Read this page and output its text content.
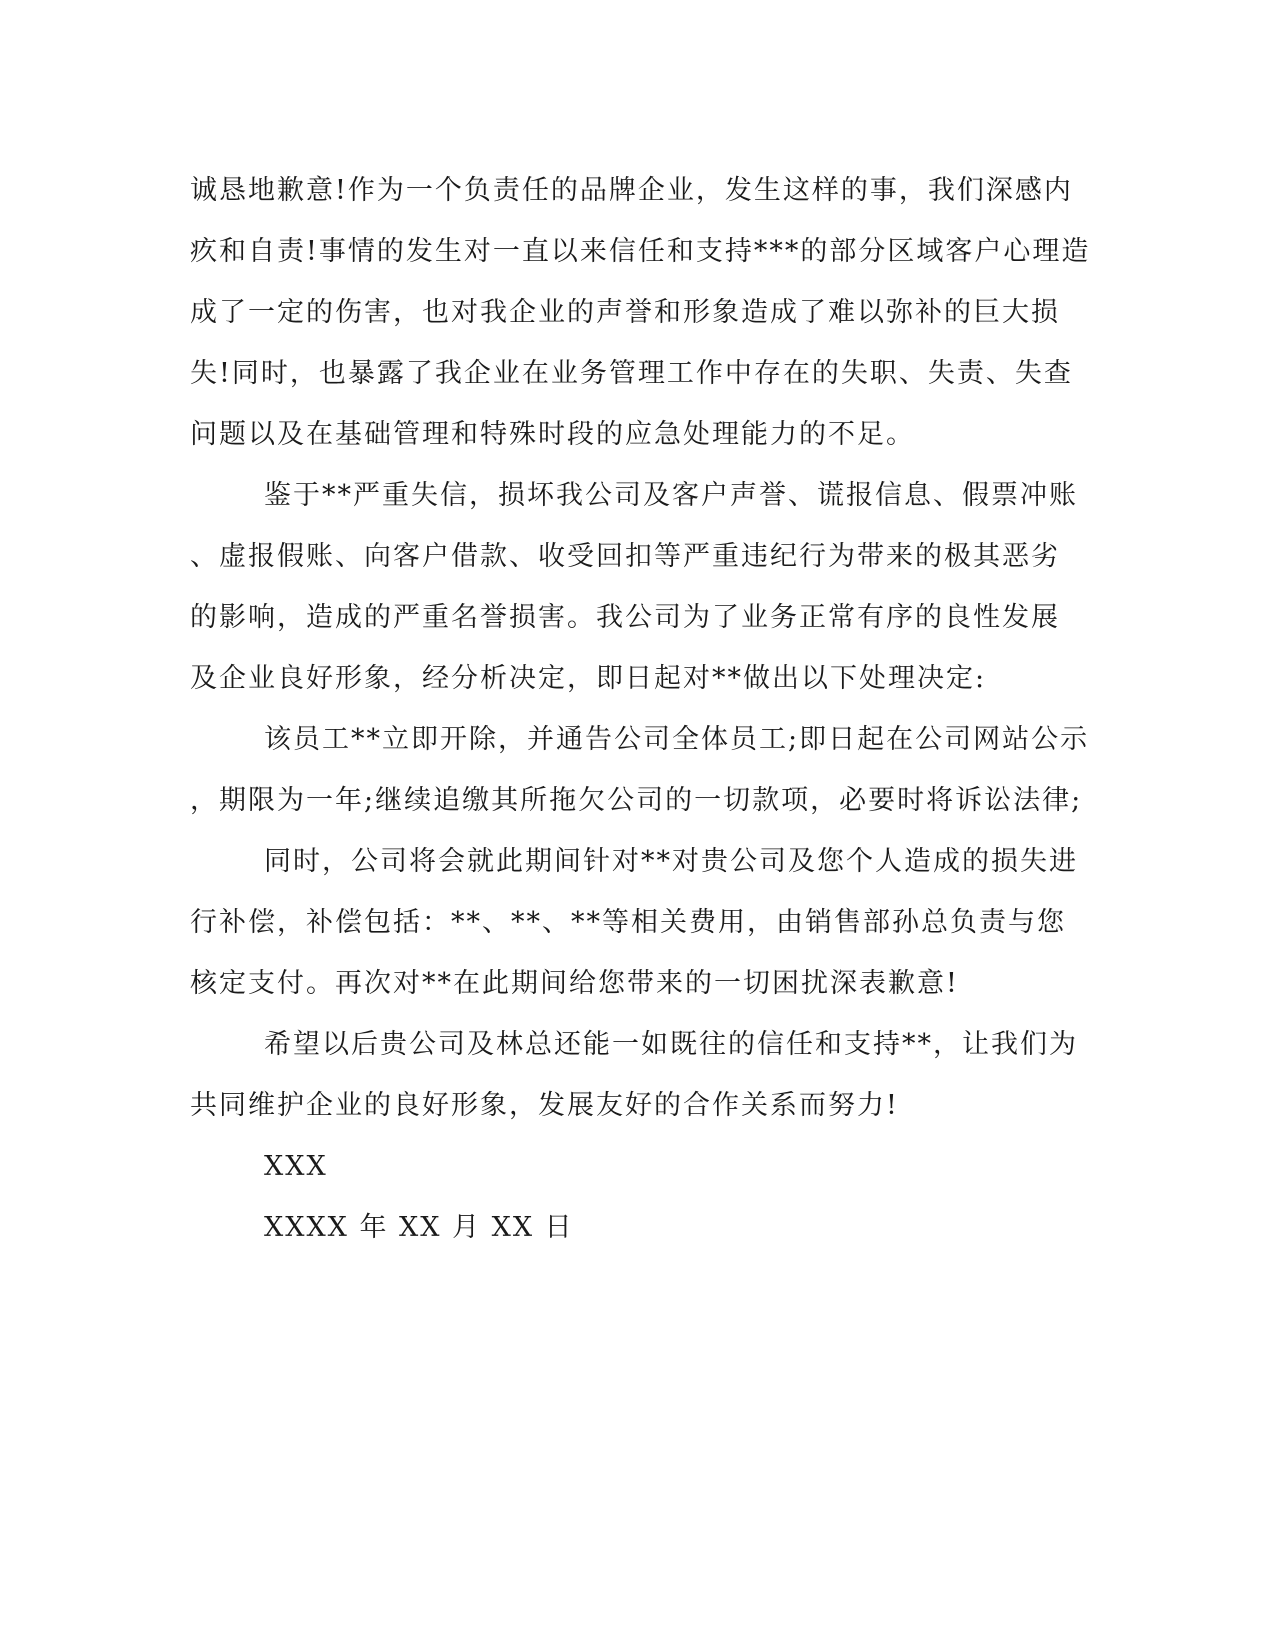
诚恳地歉意!作为一个负责任的品牌企业，发生这样的事，我们深感内
疚和自责!事情的发生对一直以来信任和支持***的部分区域客户心理造
成了一定的伤害，也对我企业的声誉和形象造成了难以弥补的巨大损
失!同时，也暴露了我企业在业务管理工作中存在的失职、失责、失查
问题以及在基础管理和特殊时段的应急处理能力的不足。
鉴于**严重失信，损坏我公司及客户声誉、谎报信息、假票冲账
、虚报假账、向客户借款、收受回扣等严重违纪行为带来的极其恶劣
的影响，造成的严重名誉损害。我公司为了业务正常有序的良性发展
及企业良好形象，经分析决定，即日起对**做出以下处理决定:
该员工**立即开除，并通告公司全体员工;即日起在公司网站公示
，期限为一年;继续追缴其所拖欠公司的一切款项，必要时将诉讼法律;
同时，公司将会就此期间针对**对贵公司及您个人造成的损失进
行补偿，补偿包括：**、**、**等相关费用，由销售部孙总负责与您
核定支付。再次对**在此期间给您带来的一切困扰深表歉意!
希望以后贵公司及林总还能一如既往的信任和支持**，让我们为
共同维护企业的良好形象，发展友好的合作关系而努力!
XXX
XXXX 年 XX 月 XX 日
